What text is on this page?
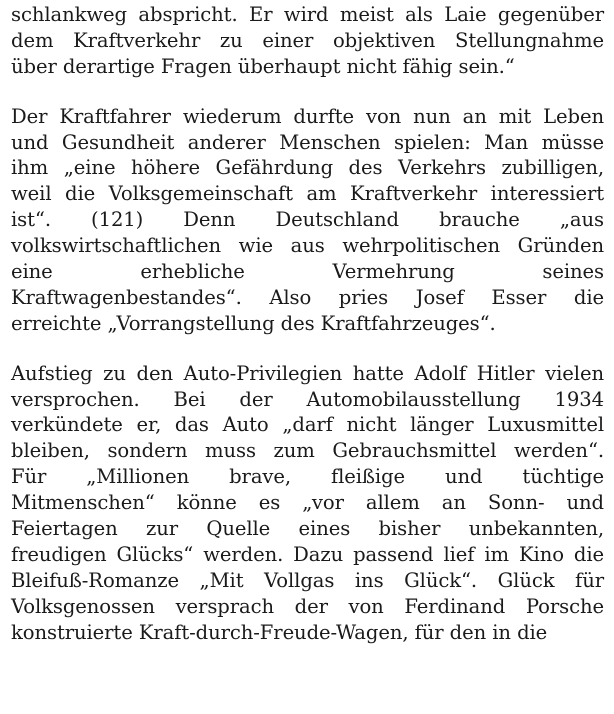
schlankweg abspricht. Er wird meist als Laie gegenüber
dem Kraftverkehr zu einer objektiven Stellungnahme
über derartige Fragen überhaupt nicht fähig sein.“
Der Kraftfahrer wiederum durfte von nun an mit Leben
und Gesundheit anderer Menschen spielen: Man müsse
ihm „eine höhere Gefährdung des Verkehrs zubilligen,
weil die Volksgemeinschaft am Kraftverkehr interessiert
ist“. (121) Denn Deutschland brauche „aus
volkswirtschaftlichen wie aus wehrpolitischen Gründen
eine erhebliche Vermehrung seines
Kraftwagenbestandes“. Also pries Josef Esser die
erreichte „Vorrangstellung des Kraftfahrzeuges“.
Aufstieg zu den Auto-Privilegien hatte Adolf Hitler vielen
versprochen. Bei der Automobilausstellung 1934
verkündete er, das Auto „darf nicht länger Luxusmittel
bleiben, sondern muss zum Gebrauchsmittel werden“.
Für „Millionen brave, fleißige und tüchtige
Mitmenschen“ könne es „vor allem an Sonn- und
Feiertagen zur Quelle eines bisher unbekannten,
freudigen Glücks“ werden. Dazu passend lief im Kino die
Bleifuß-Romanze „Mit Vollgas ins Glück“. Glück für
Volksgenossen versprach der von Ferdinand Porsche
konstruierte Kraft-durch-Freude-Wagen, für den in die
